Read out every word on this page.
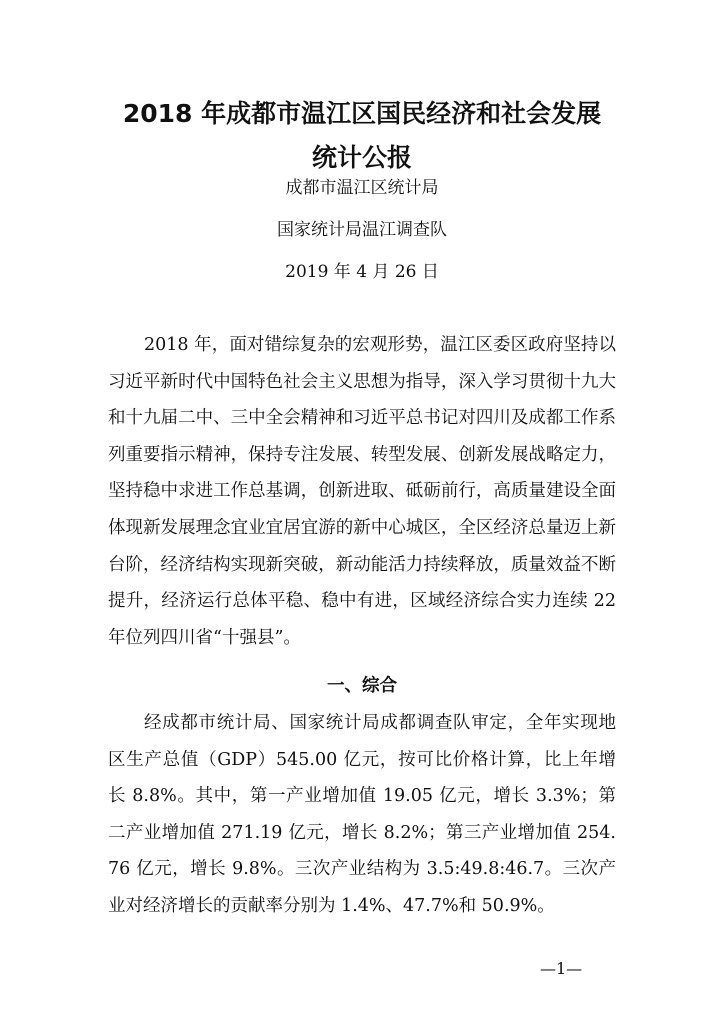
2018 年成都市温江区国民经济和社会发展
统计公报
成都市温江区统计局
国家统计局温江调查队
2019 年 4 月 26 日

2018 年，面对错综复杂的宏观形势，温江区委区政府坚持以习近平新时代中国特色社会主义思想为指导，深入学习贯彻十九大和十九届二中、三中全会精神和习近平总书记对四川及成都工作系列重要指示精神，保持专注发展、转型发展、创新发展战略定力，坚持稳中求进工作总基调，创新进取、砥砺前行，高质量建设全面体现新发展理念宜业宜居宜游的新中心城区，全区经济总量迈上新台阶，经济结构实现新突破，新动能活力持续释放，质量效益不断提升，经济运行总体平稳、稳中有进，区域经济综合实力连续 22 年位列四川省“十强县”。

一、综合

经成都市统计局、国家统计局成都调查队审定，全年实现地区生产总值（GDP）545.00 亿元，按可比价格计算，比上年增长 8.8%。其中，第一产业增加值 19.05 亿元，增长 3.3%；第二产业增加值 271.19 亿元，增长 8.2%；第三产业增加值 254.76 亿元，增长 9.8%。三次产业结构为 3.5:49.8:46.7。三次产业对经济增长的贡献率分别为 1.4%、47.7%和 50.9%。

—1—
